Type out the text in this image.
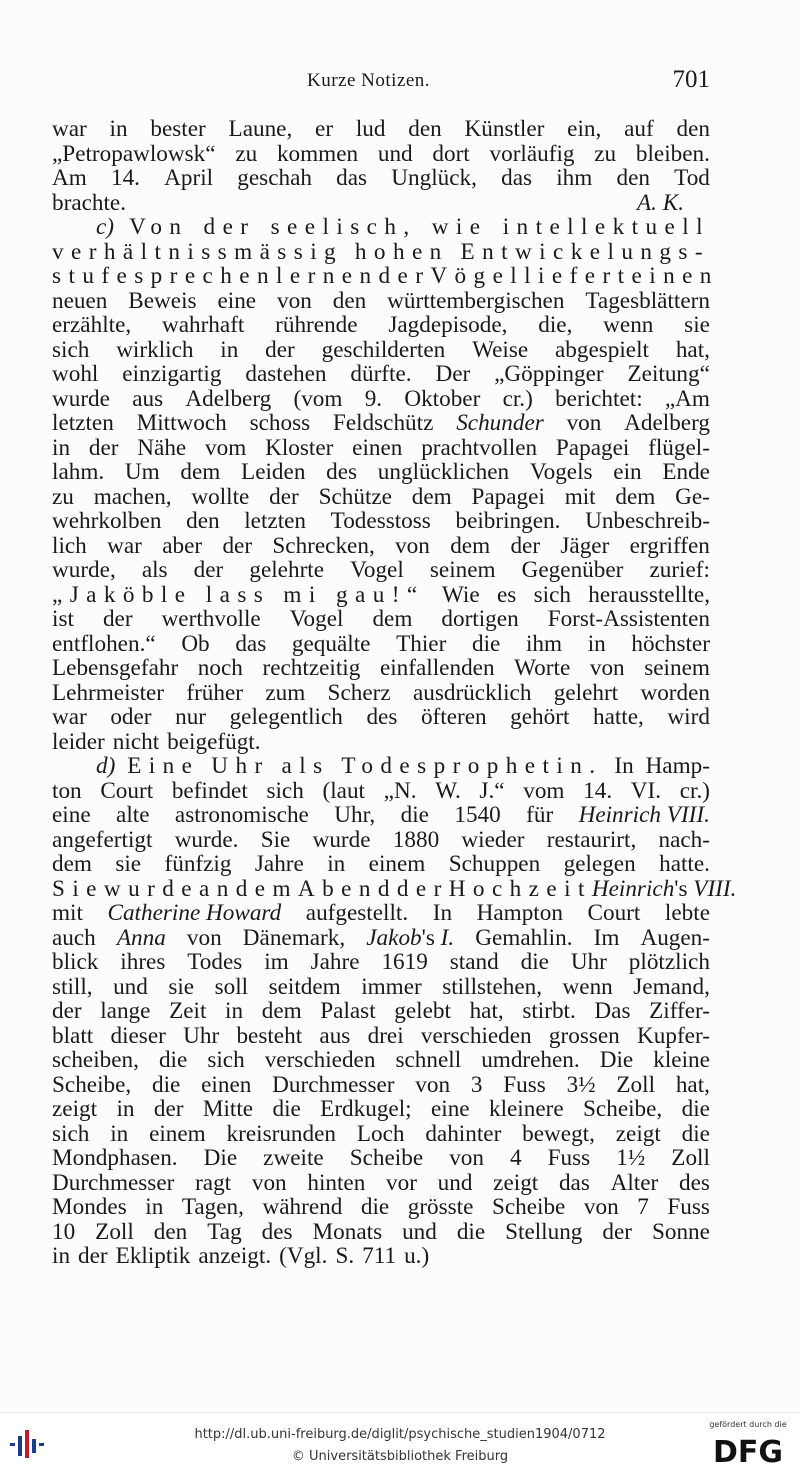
Kurze Notizen.	701
war in bester Laune, er lud den Künstler ein, auf den
„Petropawlowsk“ zu kommen und dort vorläufig zu bleiben.
Am 14. April geschah das Unglück, das ihm den Tod
brachte.	A. K.
c) Von der seelisch, wie intellektuell
verhältnissmässig hohen Entwickelungs-
stufe sprechen lernender Vögel liefert einen
neuen Beweis eine von den württembergischen Tagesblättern
erzählte, wahrhaft rührende Jagdepisode, die, wenn sie
sich wirklich in der geschilderten Weise abgespielt hat,
wohl einzigartig dastehen dürfte. Der „Göppinger Zeitung“
wurde aus Adelberg (vom 9. Oktober cr.) berichtet: „Am
letzten Mittwoch schoss Feldschütz Schunder von Adelberg
in der Nähe vom Kloster einen prachtvollen Papagei flügel-
lahm. Um dem Leiden des unglücklichen Vogels ein Ende
zu machen, wollte der Schütze dem Papagei mit dem Ge-
wehrkolben den letzten Todesstoss beibringen. Unbeschreib-
lich war aber der Schrecken, von dem der Jäger ergriffen
wurde, als der gelehrte Vogel seinem Gegenüber zurief:
„Jaköble lass mi gau!“ Wie es sich herausstellte,
ist der werthvolle Vogel dem dortigen Forst-Assistenten
entflohen.“ Ob das gequälte Thier die ihm in höchster
Lebensgefahr noch rechtzeitig einfallenden Worte von seinem
Lehrmeister früher zum Scherz ausdrücklich gelehrt worden
war oder nur gelegentlich des öfteren gehört hatte, wird
leider nicht beigefügt.
d) Eine Uhr als Todesprophetin. In Hamp-
ton Court befindet sich (laut „N. W. J.“ vom 14. VI. cr.)
eine alte astronomische Uhr, die 1540 für Heinrich VIII.
angefertigt wurde. Sie wurde 1880 wieder restaurirt, nach-
dem sie fünfzig Jahre in einem Schuppen gelegen hatte.
Sie wurde an dem Abend der Hochzeit Heinrich's VIII.
mit Catherine Howard aufgestellt. In Hampton Court lebte
auch Anna von Dänemark, Jakob's I. Gemahlin. Im Augen-
blick ihres Todes im Jahre 1619 stand die Uhr plötzlich
still, und sie soll seitdem immer stillstehen, wenn Jemand,
der lange Zeit in dem Palast gelebt hat, stirbt. Das Ziffer-
blatt dieser Uhr besteht aus drei verschieden grossen Kupfer-
scheiben, die sich verschieden schnell umdrehen. Die kleine
Scheibe, die einen Durchmesser von 3 Fuss 3½ Zoll hat,
zeigt in der Mitte die Erdkugel; eine kleinere Scheibe, die
sich in einem kreisrunden Loch dahinter bewegt, zeigt die
Mondphasen. Die zweite Scheibe von 4 Fuss 1½ Zoll
Durchmesser ragt von hinten vor und zeigt das Alter des
Mondes in Tagen, während die grösste Scheibe von 7 Fuss
10 Zoll den Tag des Monats und die Stellung der Sonne
in der Ekliptik anzeigt. (Vgl. S. 711 u.)
http://dl.ub.uni-freiburg.de/diglit/psychische_studien1904/0712
© Universitätsbibliothek Freiburg
gefördert durch die
DFG
